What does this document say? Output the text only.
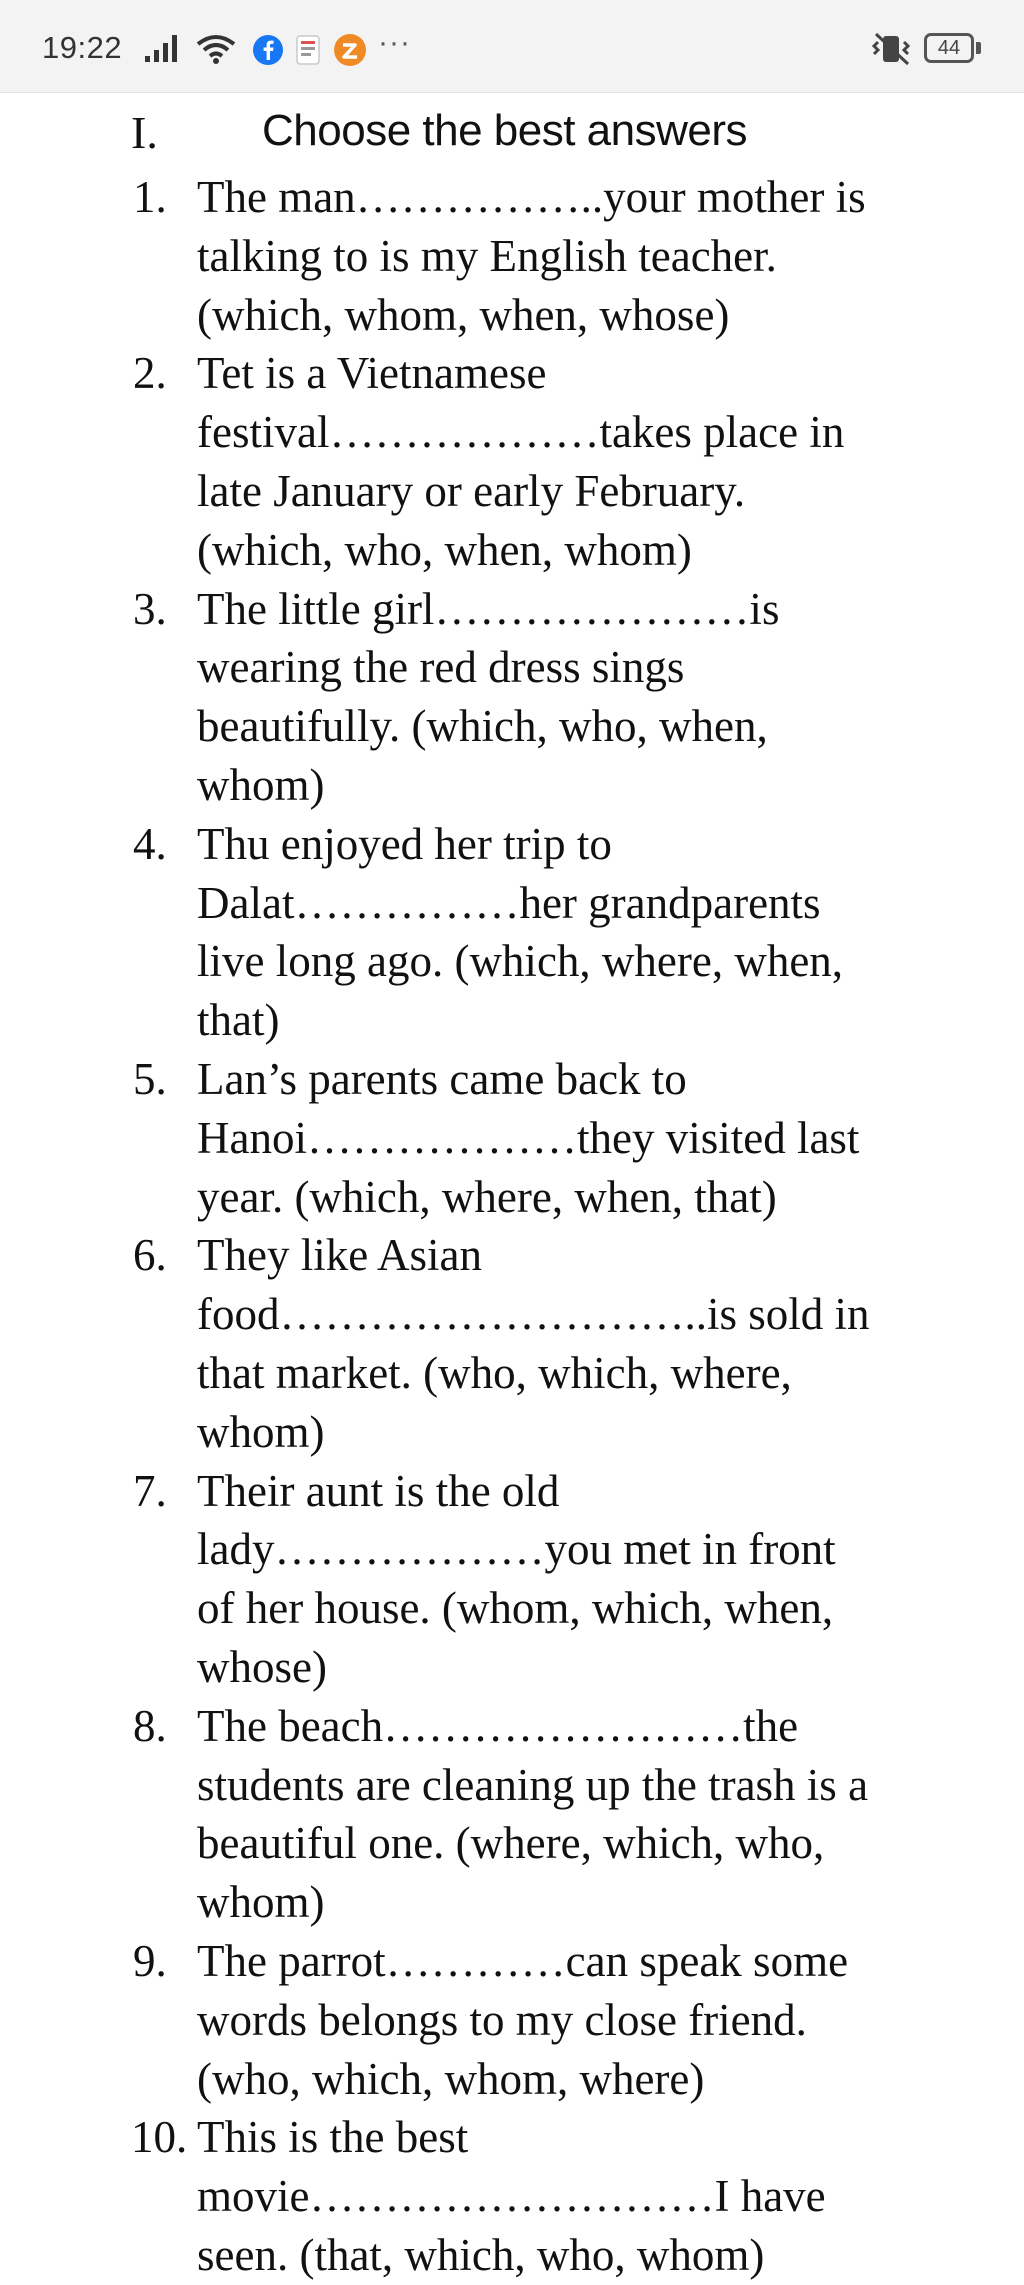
19:22	···	44
I. Choose the best answers
1. The man……………..your mother is
talking to is my English teacher.
(which, whom, when, whose)
2. Tet is a Vietnamese
festival………………takes place in
late January or early February.
(which, who, when, whom)
3. The little girl…………………is
wearing the red dress sings
beautifully. (which, who, when,
whom)
4. Thu enjoyed her trip to
Dalat……………her grandparents
live long ago. (which, where, when,
that)
5. Lan’s parents came back to
Hanoi………………they visited last
year. (which, where, when, that)
6. They like Asian
food………………………..is sold in
that market. (who, which, where,
whom)
7. Their aunt is the old
lady………………you met in front
of her house. (whom, which, when,
whose)
8. The beach……………………the
students are cleaning up the trash is a
beautiful one. (where, which, who,
whom)
9. The parrot…………can speak some
words belongs to my close friend.
(who, which, whom, where)
10. This is the best
movie………………………I have
seen. (that, which, who, whom)
